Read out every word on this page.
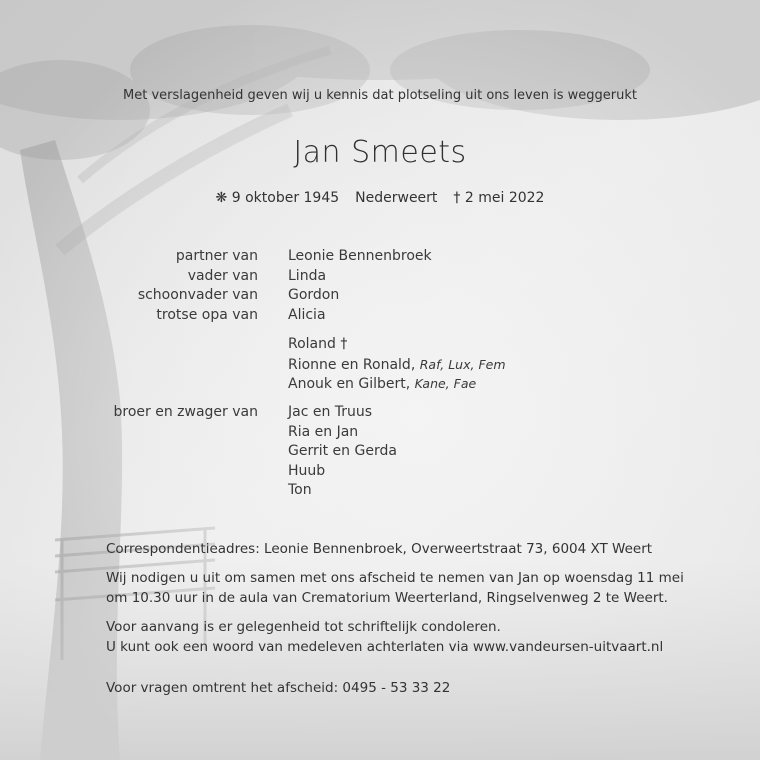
Met verslagenheid geven wij u kennis dat plotseling uit ons leven is weggerukt
Jan Smeets
❋ 9 oktober 1945 Nederweert † 2 mei 2022
partner van Leonie Bennenbroek
vader van Linda
schoonvader van Gordon
trotse opa van Alicia
Roland †
Rionne en Ronald, Raf, Lux, Fem
Anouk en Gilbert, Kane, Fae
broer en zwager van Jac en Truus
Ria en Jan
Gerrit en Gerda
Huub
Ton
Correspondentieadres: Leonie Bennenbroek, Overweertstraat 73, 6004 XT Weert
Wij nodigen u uit om samen met ons afscheid te nemen van Jan op woensdag 11 mei
om 10.30 uur in de aula van Crematorium Weerterland, Ringselvenweg 2 te Weert.
Voor aanvang is er gelegenheid tot schriftelijk condoleren.
U kunt ook een woord van medeleven achterlaten via www.vandeursen-uitvaart.nl
Voor vragen omtrent het afscheid: 0495 - 53 33 22
